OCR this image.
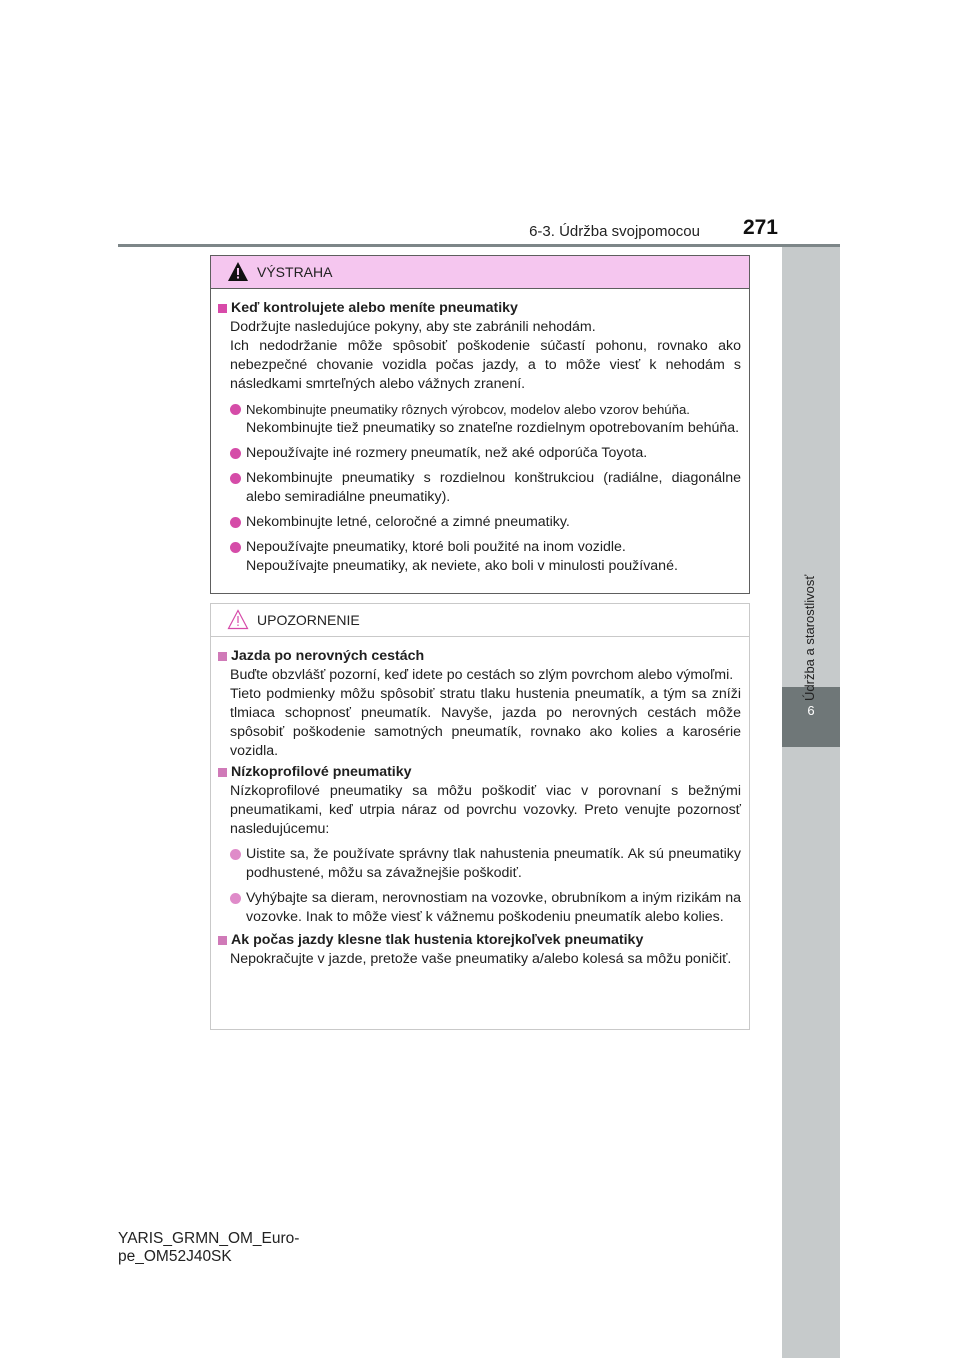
6-3. Údržba svojpomocou	271
6
Údržba a starostlivosť
VÝSTRAHA
Keď kontrolujete alebo meníte pneumatiky
Dodržujte nasledujúce pokyny, aby ste zabránili nehodám.
Ich nedodržanie môže spôsobiť poškodenie súčastí pohonu, rovnako ako nebezpečné chovanie vozidla počas jazdy, a to môže viesť k nehodám s následkami smrteľných alebo vážnych zranení.
Nekombinujte pneumatiky rôznych výrobcov, modelov alebo vzorov behúňa.
Nekombinujte tiež pneumatiky so znateľne rozdielnym opotrebovaním behúňa.
Nepoužívajte iné rozmery pneumatík, než aké odporúča Toyota.
Nekombinujte pneumatiky s rozdielnou konštrukciou (radiálne, diagonálne alebo semiradiálne pneumatiky).
Nekombinujte letné, celoročné a zimné pneumatiky.
Nepoužívajte pneumatiky, ktoré boli použité na inom vozidle.
Nepoužívajte pneumatiky, ak neviete, ako boli v minulosti používané.
UPOZORNENIE
Jazda po nerovných cestách
Buďte obzvlášť pozorní, keď idete po cestách so zlým povrchom alebo výmoľmi.
Tieto podmienky môžu spôsobiť stratu tlaku hustenia pneumatík, a tým sa zníži tlmiaca schopnosť pneumatík. Navyše, jazda po nerovných cestách môže spôsobiť poškodenie samotných pneumatík, rovnako ako kolies a karosérie vozidla.
Nízkoprofilové pneumatiky
Nízkoprofilové pneumatiky sa môžu poškodiť viac v porovnaní s bežnými pneumatikami, keď utrpia náraz od povrchu vozovky. Preto venujte pozornosť nasledujúcemu:
Uistite sa, že používate správny tlak nahustenia pneumatík. Ak sú pneumatiky podhustené, môžu sa závažnejšie poškodiť.
Vyhýbajte sa dieram, nerovnostiam na vozovke, obrubníkom a iným rizikám na vozovke. Inak to môže viesť k vážnemu poškodeniu pneumatík alebo kolies.
Ak počas jazdy klesne tlak hustenia ktorejkoľvek pneumatiky
Nepokračujte v jazde, pretože vaše pneumatiky a/alebo kolesá sa môžu poničiť.
YARIS_GRMN_OM_Euro-
pe_OM52J40SK
